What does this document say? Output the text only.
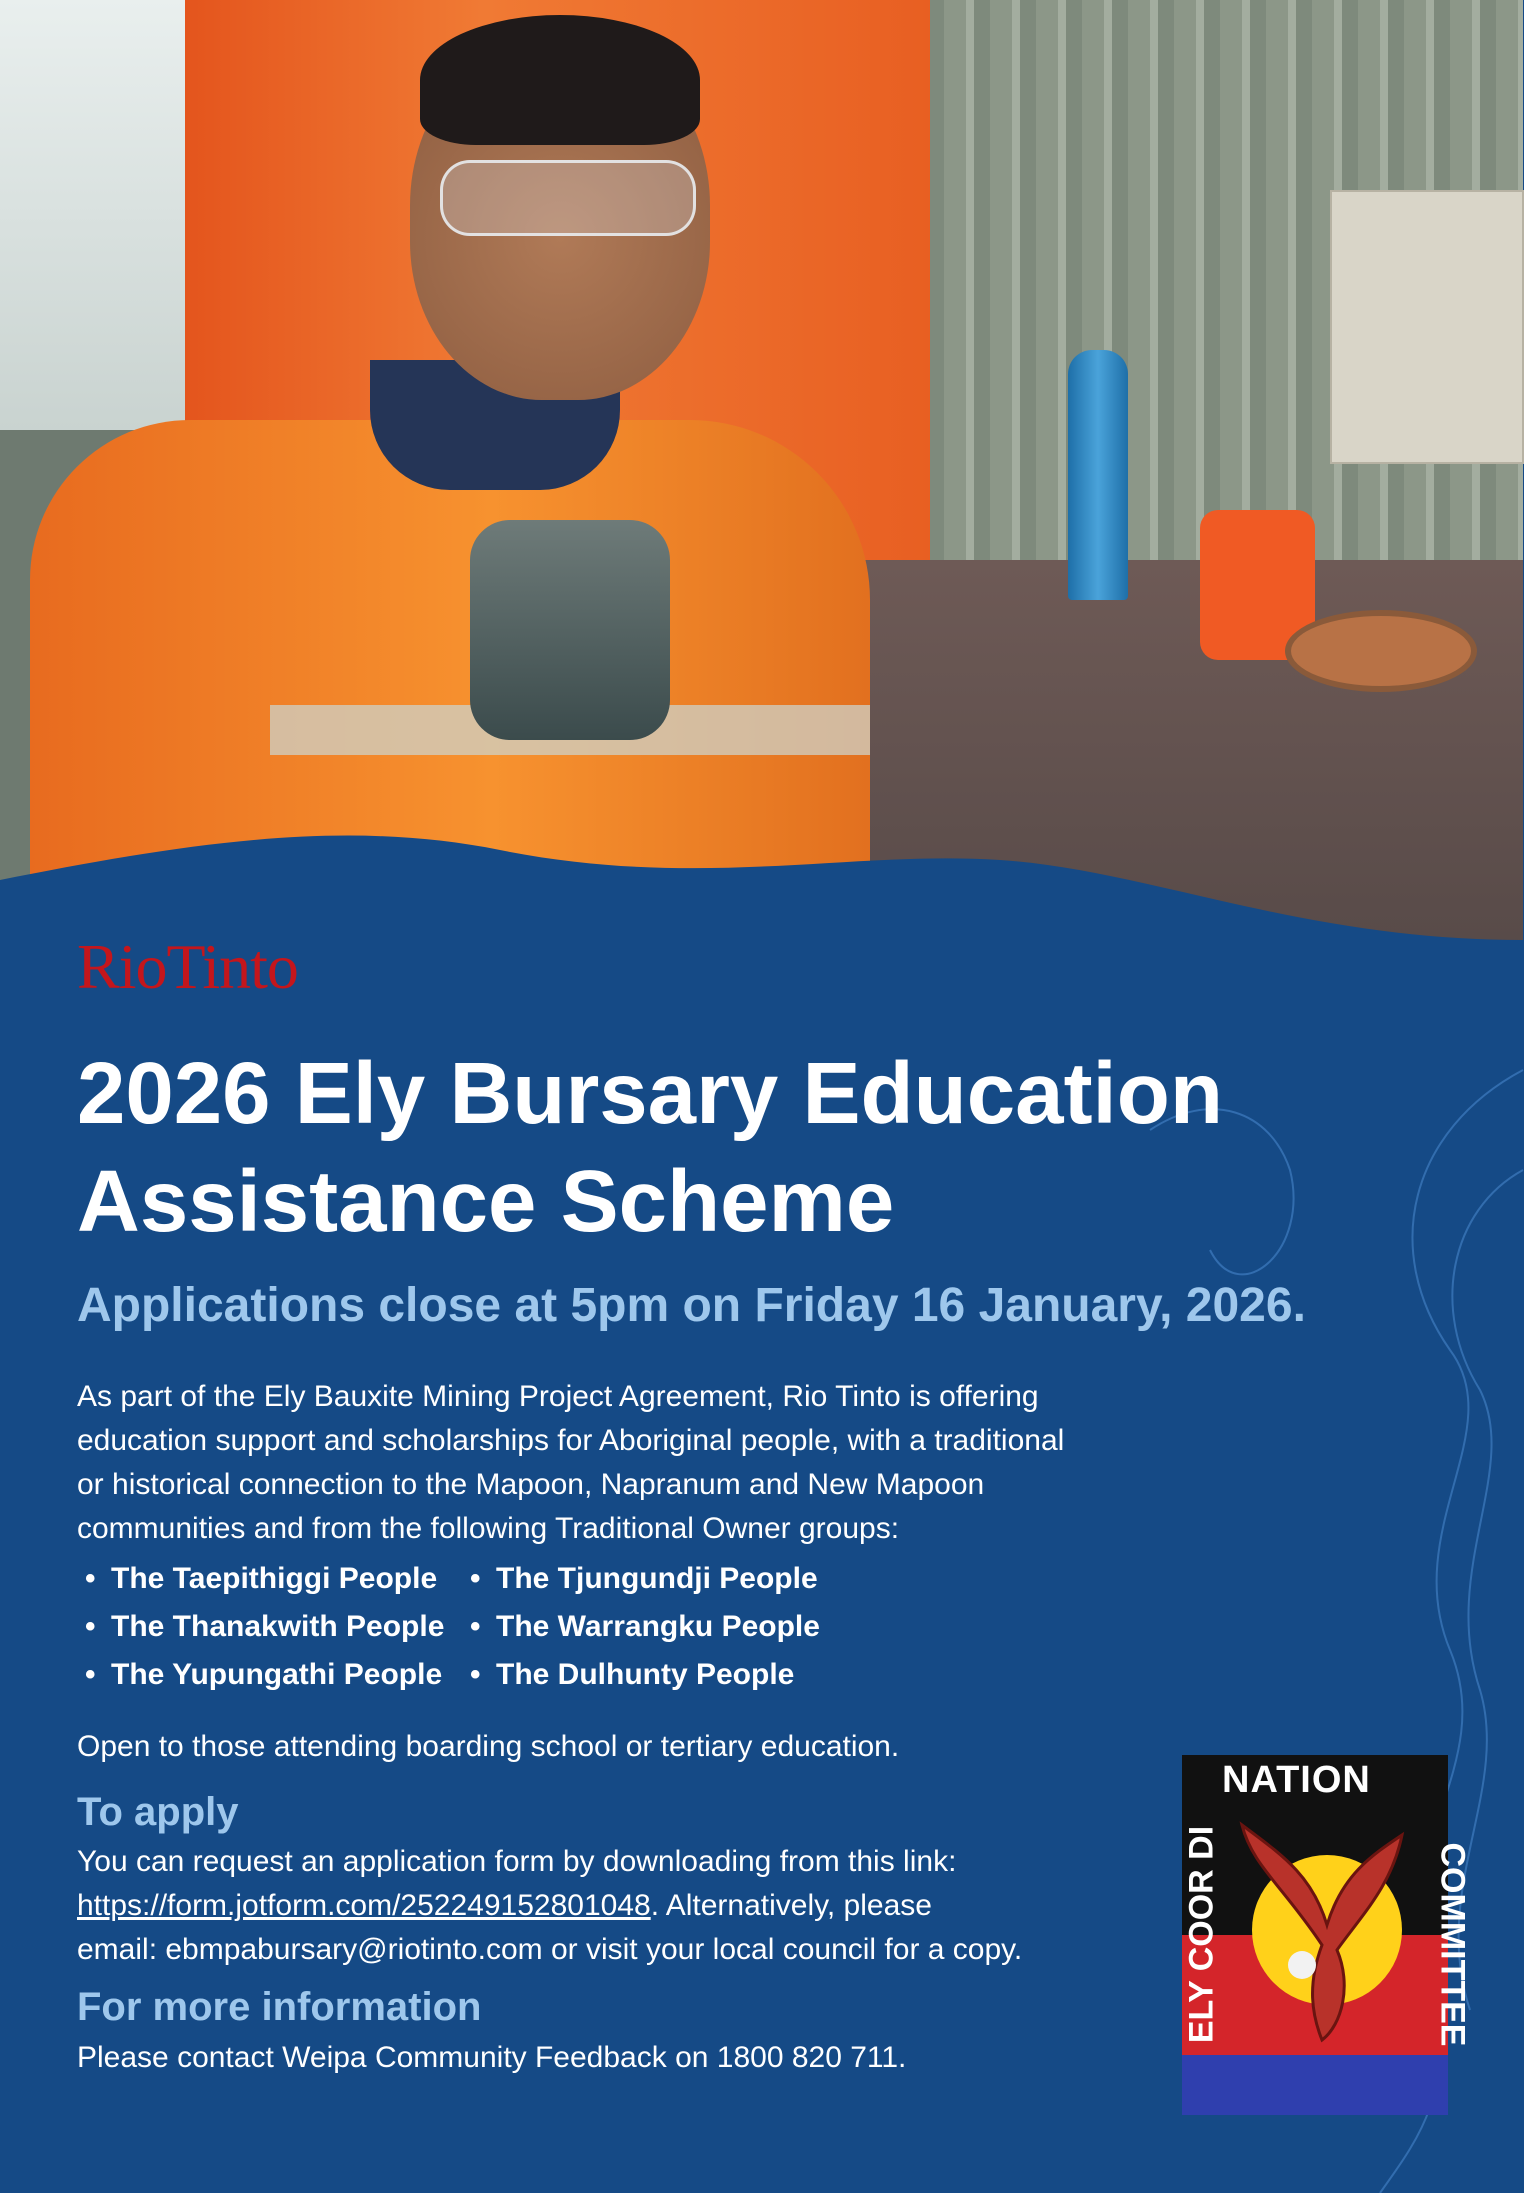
RioTinto
2026 Ely Bursary Education
Assistance Scheme
Applications close at 5pm on Friday 16 January, 2026.
As part of the Ely Bauxite Mining Project Agreement, Rio Tinto is offering
education support and scholarships for Aboriginal people, with a traditional
or historical connection to the Mapoon, Napranum and New Mapoon
communities and from the following Traditional Owner groups:
• The Taepithiggi People • The Tjungundji People
• The Thanakwith People • The Warrangku People
• The Yupungathi People • The Dulhunty People
Open to those attending boarding school or tertiary education.
To apply
You can request an application form by downloading from this link:
https://form.jotform.com/252249152801048. Alternatively, please
email: ebmpabursary@riotinto.com or visit your local council for a copy.
For more information
Please contact Weipa Community Feedback on 1800 820 711.
NATION
ELY COOR DI	COMMITTEE
